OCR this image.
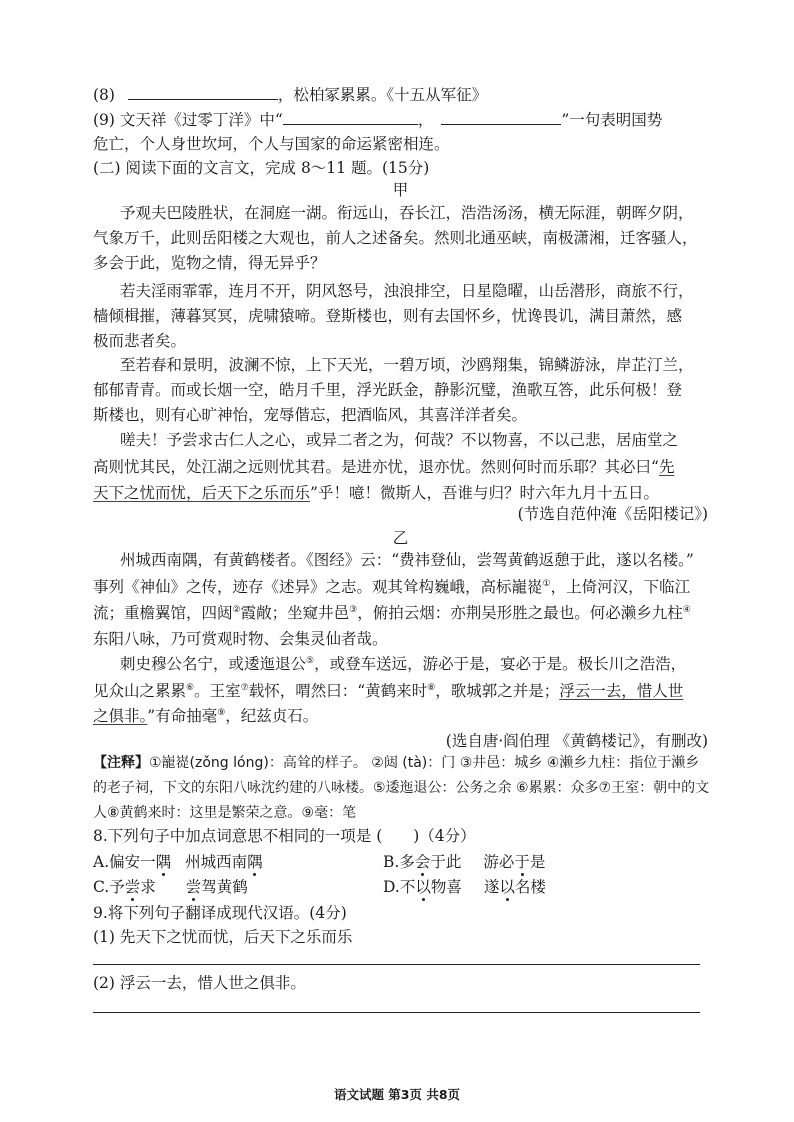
(8)	，松柏冢累累。《十五从军征》
(9) 文天祥《过零丁洋》中“	，	”一句表明国势
危亡，个人身世坎坷，个人与国家的命运紧密相连。
(二) 阅读下面的文言文，完成 8～11 题。(15分)
甲
予观夫巴陵胜状，在洞庭一湖。衔远山，吞长江，浩浩汤汤，横无际涯，朝晖夕阴，
气象万千，此则岳阳楼之大观也，前人之述备矣。然则北通巫峡，南极潇湘，迁客骚人，
多会于此，览物之情，得无异乎？
若夫淫雨霏霏，连月不开，阴风怒号，浊浪排空，日星隐曜，山岳潜形，商旅不行，
樯倾楫摧，薄暮冥冥，虎啸猿啼。登斯楼也，则有去国怀乡，忧谗畏讥，满目萧然，感
极而悲者矣。
至若春和景明，波澜不惊，上下天光，一碧万顷，沙鸥翔集，锦鳞游泳，岸芷汀兰，
郁郁青青。而或长烟一空，皓月千里，浮光跃金，静影沉璧，渔歌互答，此乐何极！登
斯楼也，则有心旷神怡，宠辱偕忘，把酒临风，其喜洋洋者矣。
嗟夫！予尝求古仁人之心，或异二者之为，何哉？不以物喜，不以己悲，居庙堂之
高则忧其民，处江湖之远则忧其君。是进亦忧，退亦忧。然则何时而乐耶？其必曰“先
天下之忧而忧，后天下之乐而乐”乎！噫！微斯人，吾谁与归？时六年九月十五日。
(节选自范仲淹《岳阳楼记》)
乙
州城西南隅，有黄鹤楼者。《图经》云：“费祎登仙，尝驾黄鹤返憩于此，遂以名楼。”
事列《神仙》之传，迹存《述异》之志。观其耸构巍峨，高标巃嵸①，上倚河汉，下临江
流；重檐翼馆，四闼②霞敞；坐窥井邑③，俯拍云烟：亦荆吴形胜之最也。何必濑乡九柱④
东阳八咏，乃可赏观时物、会集灵仙者哉。
刺史穆公名宁，或逶迤退公⑤，或登车送远，游必于是，宴必于是。极长川之浩浩，
见众山之累累⑥。王室⑦载怀，喟然曰：“黄鹤来时⑧，歌城郭之并是；浮云一去，惜人世
之俱非。”有命抽毫⑨，纪兹贞石。
(选自唐·阎伯理 《黄鹤楼记》，有删改)
【注释】①巃嵸(zǒng lóng)：高耸的样子。 ②闼 (tà)：门 ③井邑：城乡 ④濑乡九柱：指位于濑乡
的老子祠，下文的东阳八咏沈约建的八咏楼。⑤逶迤退公：公务之余 ⑥累累：众多⑦王室：朝中的文
人⑧黄鹤来时：这里是繁荣之意。⑨毫：笔
8.下列句子中加点词意思不相同的一项是 (　　)（4分）
A.偏安一隅 州城西南隅	B.多会于此 游必于是
C.予尝求 尝驾黄鹤	D.不以物喜 遂以名楼
9.将下列句子翻译成现代汉语。(4分)
(1) 先天下之忧而忧，后天下之乐而乐
(2) 浮云一去，惜人世之俱非。
语文试题 第3页 共8页
